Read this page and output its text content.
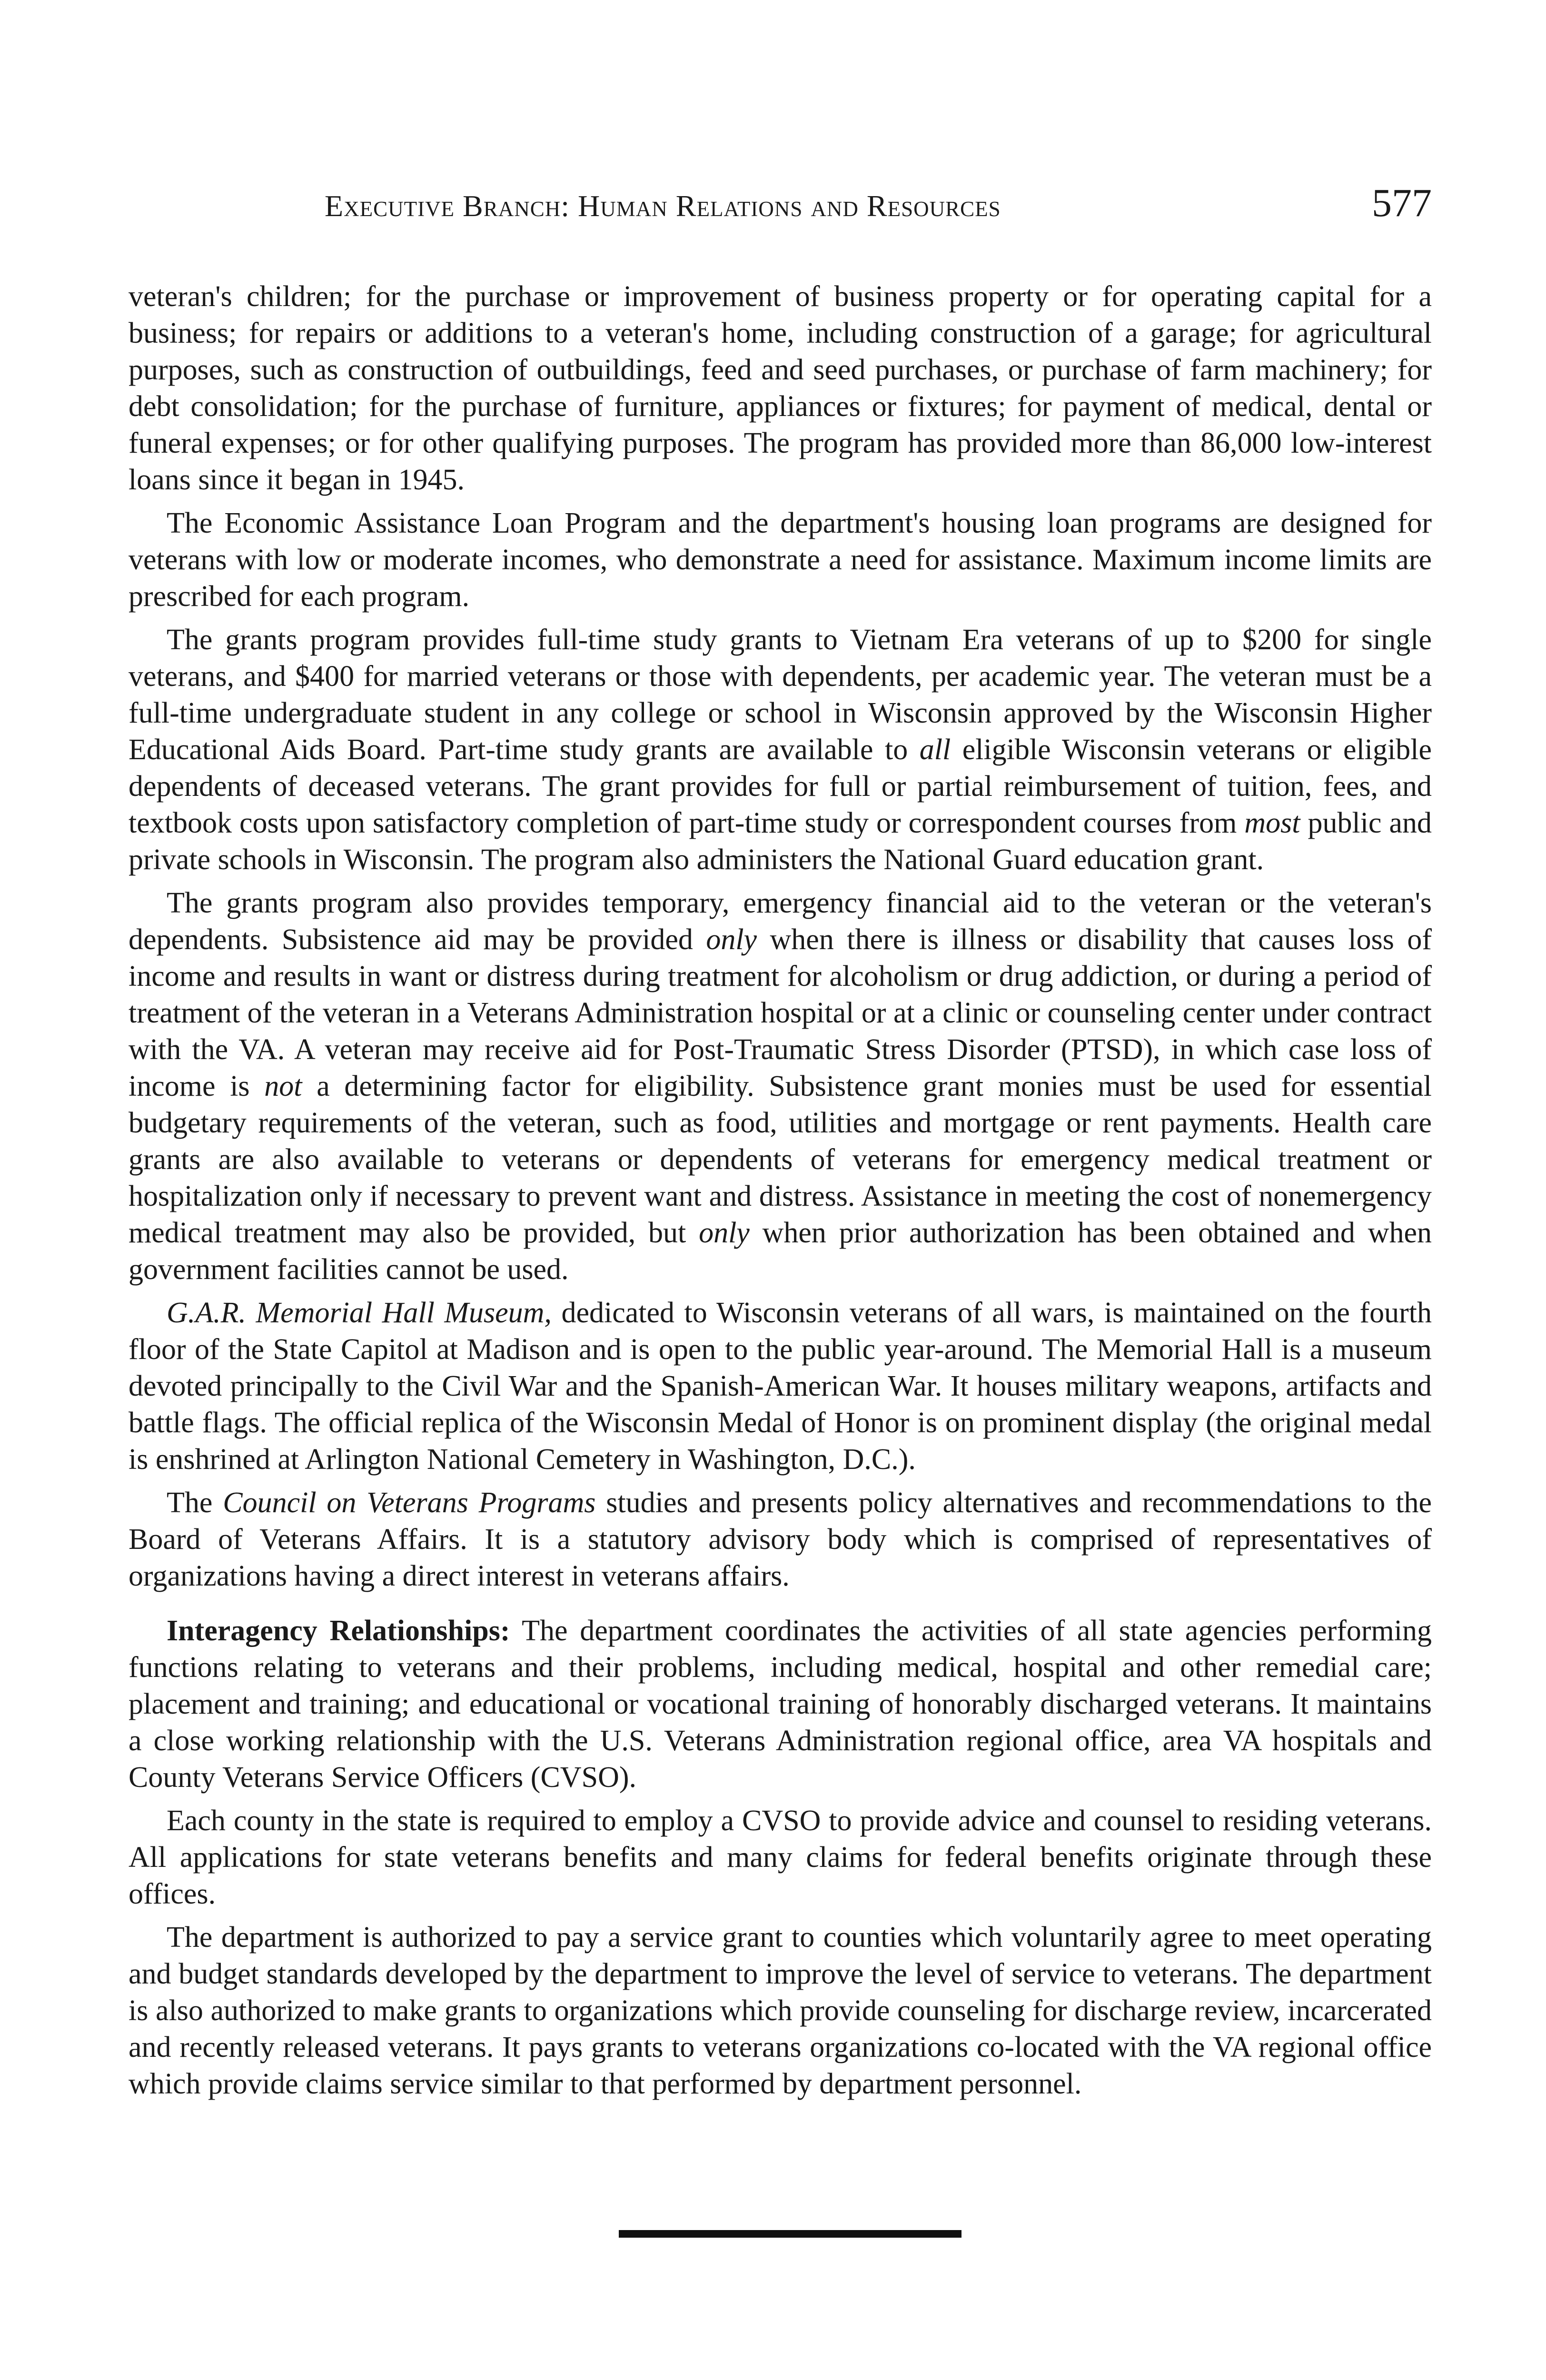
Executive Branch: Human Relations and Resources	577

veteran's children; for the purchase or improvement of business property or for operating capital for a business; for repairs or additions to a veteran's home, including construction of a garage; for agricultural purposes, such as construction of outbuildings, feed and seed purchases, or purchase of farm machinery; for debt consolidation; for the purchase of furniture, appliances or fixtures; for payment of medical, dental or funeral expenses; or for other qualifying purposes. The program has provided more than 86,000 low-interest loans since it began in 1945.

The Economic Assistance Loan Program and the department's housing loan programs are designed for veterans with low or moderate incomes, who demonstrate a need for assistance. Maximum income limits are prescribed for each program.

The grants program provides full-time study grants to Vietnam Era veterans of up to $200 for single veterans, and $400 for married veterans or those with dependents, per academic year. The veteran must be a full-time undergraduate student in any college or school in Wisconsin approved by the Wisconsin Higher Educational Aids Board. Part-time study grants are available to all eligible Wisconsin veterans or eligible dependents of deceased veterans. The grant provides for full or partial reimbursement of tuition, fees, and textbook costs upon satisfactory completion of part-time study or correspondent courses from most public and private schools in Wisconsin. The program also administers the National Guard education grant.

The grants program also provides temporary, emergency financial aid to the veteran or the veteran's dependents. Subsistence aid may be provided only when there is illness or disability that causes loss of income and results in want or distress during treatment for alcoholism or drug addiction, or during a period of treatment of the veteran in a Veterans Administration hospital or at a clinic or counseling center under contract with the VA. A veteran may receive aid for Post-Traumatic Stress Disorder (PTSD), in which case loss of income is not a determining factor for eligibility. Subsistence grant monies must be used for essential budgetary requirements of the veteran, such as food, utilities and mortgage or rent payments. Health care grants are also available to veterans or dependents of veterans for emergency medical treatment or hospitalization only if necessary to prevent want and distress. Assistance in meeting the cost of nonemergency medical treatment may also be provided, but only when prior authorization has been obtained and when government facilities cannot be used.

G.A.R. Memorial Hall Museum, dedicated to Wisconsin veterans of all wars, is maintained on the fourth floor of the State Capitol at Madison and is open to the public year-around. The Memorial Hall is a museum devoted principally to the Civil War and the Spanish-American War. It houses military weapons, artifacts and battle flags. The official replica of the Wisconsin Medal of Honor is on prominent display (the original medal is enshrined at Arlington National Cemetery in Washington, D.C.).

The Council on Veterans Programs studies and presents policy alternatives and recommendations to the Board of Veterans Affairs. It is a statutory advisory body which is comprised of representatives of organizations having a direct interest in veterans affairs.

Interagency Relationships: The department coordinates the activities of all state agencies performing functions relating to veterans and their problems, including medical, hospital and other remedial care; placement and training; and educational or vocational training of honorably discharged veterans. It maintains a close working relationship with the U.S. Veterans Administration regional office, area VA hospitals and County Veterans Service Officers (CVSO).

Each county in the state is required to employ a CVSO to provide advice and counsel to residing veterans. All applications for state veterans benefits and many claims for federal benefits originate through these offices.

The department is authorized to pay a service grant to counties which voluntarily agree to meet operating and budget standards developed by the department to improve the level of service to veterans. The department is also authorized to make grants to organizations which provide counseling for discharge review, incarcerated and recently released veterans. It pays grants to veterans organizations co-located with the VA regional office which provide claims service similar to that performed by department personnel.
